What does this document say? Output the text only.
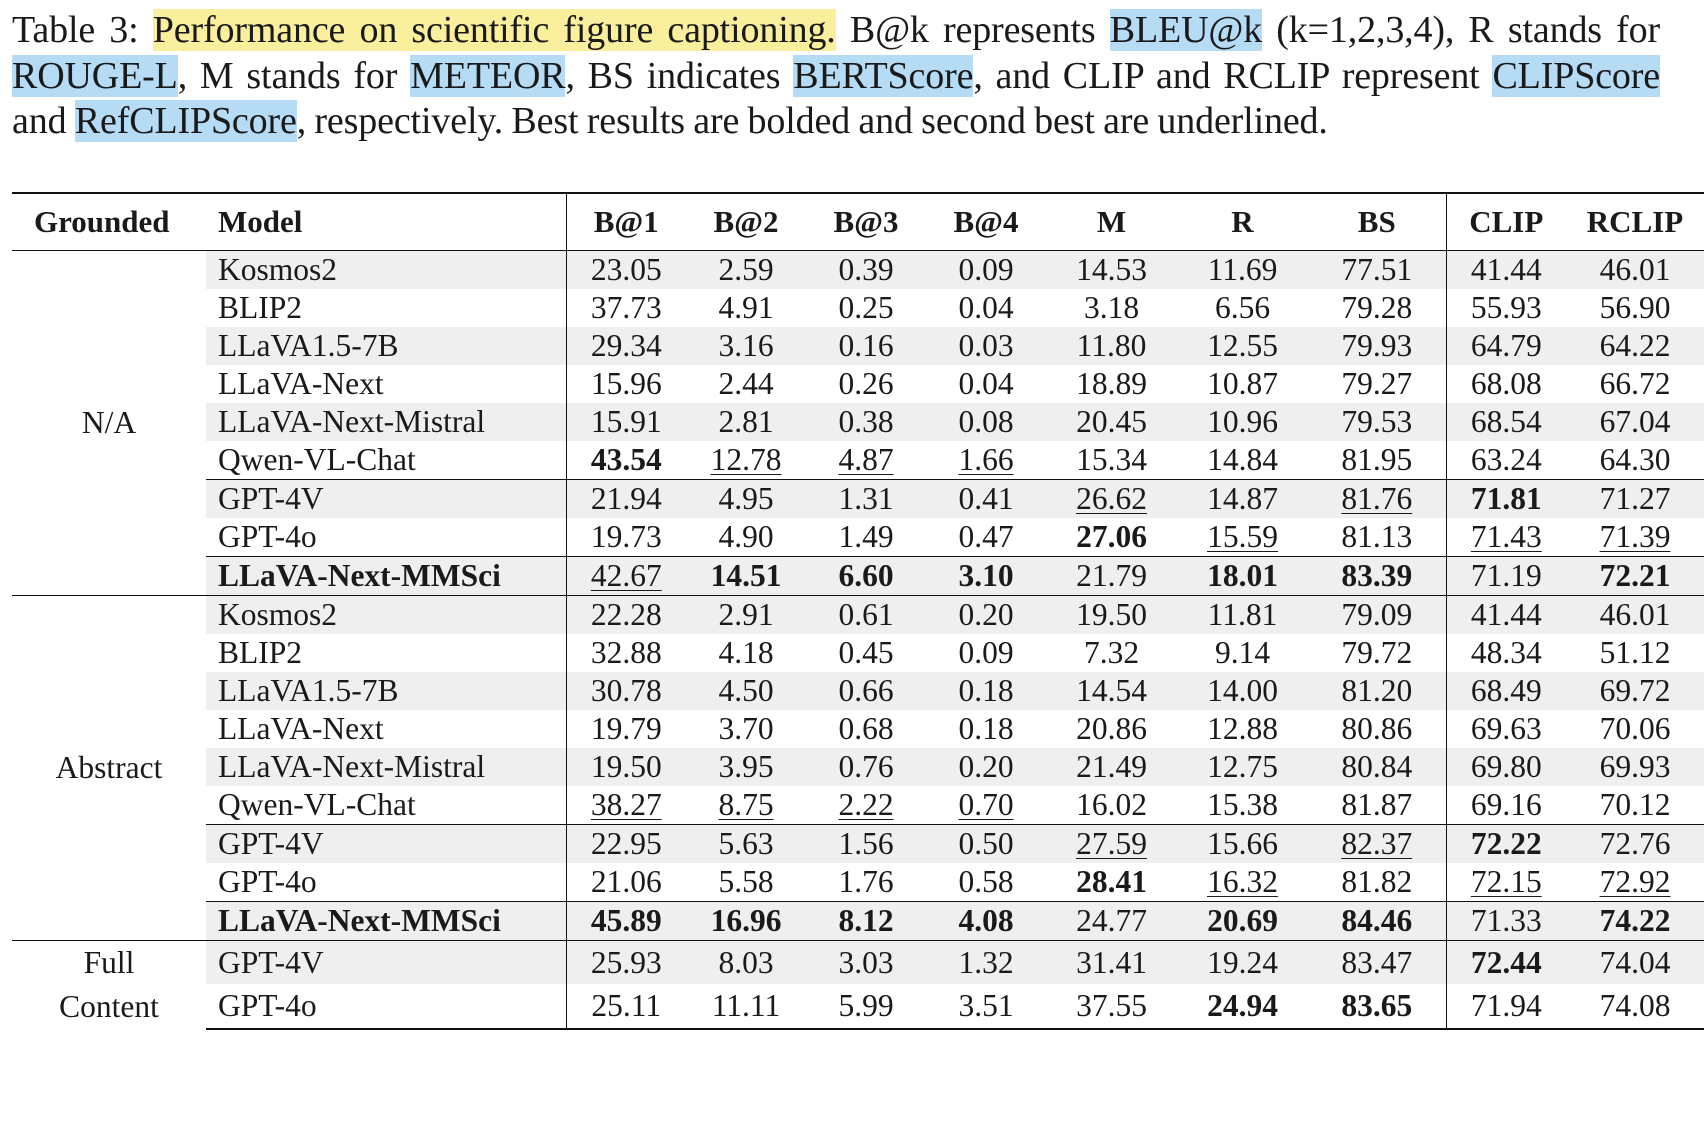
Table 3: Performance on scientific figure captioning. B@k represents BLEU@k (k=1,2,3,4), R stands for ROUGE-L, M stands for METEOR, BS indicates BERTScore, and CLIP and RCLIP represent CLIPScore and RefCLIPScore, respectively. Best results are bolded and second best are underlined.
Grounded	Model	B@1	B@2	B@3	B@4	M	R	BS	CLIP	RCLIP
N/A	Kosmos2	23.05	2.59	0.39	0.09	14.53	11.69	77.51	41.44	46.01
	BLIP2	37.73	4.91	0.25	0.04	3.18	6.56	79.28	55.93	56.90
	LLaVA1.5-7B	29.34	3.16	0.16	0.03	11.80	12.55	79.93	64.79	64.22
	LLaVA-Next	15.96	2.44	0.26	0.04	18.89	10.87	79.27	68.08	66.72
	LLaVA-Next-Mistral	15.91	2.81	0.38	0.08	20.45	10.96	79.53	68.54	67.04
	Qwen-VL-Chat	43.54	12.78	4.87	1.66	15.34	14.84	81.95	63.24	64.30
	GPT-4V	21.94	4.95	1.31	0.41	26.62	14.87	81.76	71.81	71.27
	GPT-4o	19.73	4.90	1.49	0.47	27.06	15.59	81.13	71.43	71.39
	LLaVA-Next-MMSci	42.67	14.51	6.60	3.10	21.79	18.01	83.39	71.19	72.21
Abstract	Kosmos2	22.28	2.91	0.61	0.20	19.50	11.81	79.09	41.44	46.01
	BLIP2	32.88	4.18	0.45	0.09	7.32	9.14	79.72	48.34	51.12
	LLaVA1.5-7B	30.78	4.50	0.66	0.18	14.54	14.00	81.20	68.49	69.72
	LLaVA-Next	19.79	3.70	0.68	0.18	20.86	12.88	80.86	69.63	70.06
	LLaVA-Next-Mistral	19.50	3.95	0.76	0.20	21.49	12.75	80.84	69.80	69.93
	Qwen-VL-Chat	38.27	8.75	2.22	0.70	16.02	15.38	81.87	69.16	70.12
	GPT-4V	22.95	5.63	1.56	0.50	27.59	15.66	82.37	72.22	72.76
	GPT-4o	21.06	5.58	1.76	0.58	28.41	16.32	81.82	72.15	72.92
	LLaVA-Next-MMSci	45.89	16.96	8.12	4.08	24.77	20.69	84.46	71.33	74.22
Full
Content	GPT-4V	25.93	8.03	3.03	1.32	31.41	19.24	83.47	72.44	74.04
	GPT-4o	25.11	11.11	5.99	3.51	37.55	24.94	83.65	71.94	74.08
